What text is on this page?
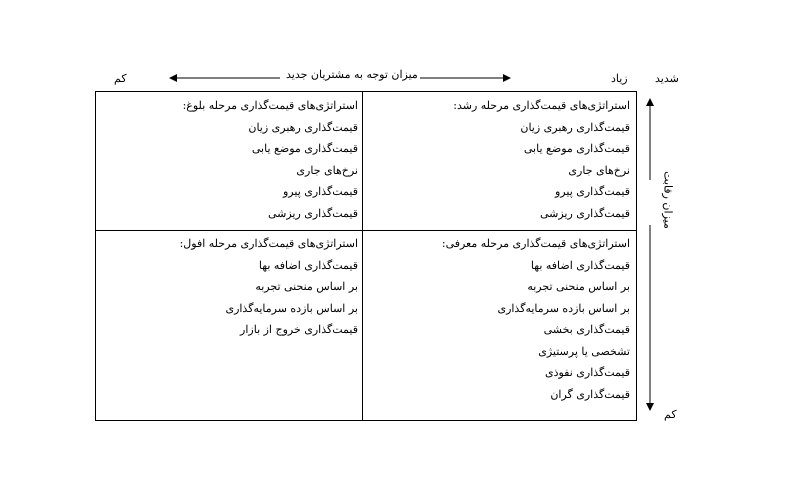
کم	میزان توجه به مشتریان جدید	زیاد شدید
میزان رقابت
کم
استراتژی‌های قیمت‌گذاری مرحله رشد:
قیمت‌گذاری رهبری زیان
قیمت‌گذاری موضع یابی
نرخ‌های جاری
قیمت‌گذاری پیرو
قیمت‌گذاری ریزشی
استراتژی‌های قیمت‌گذاری مرحله بلوغ:
قیمت‌گذاری رهبری زیان
قیمت‌گذاری موضع یابی
نرخ‌های جاری
قیمت‌گذاری پیرو
قیمت‌گذاری ریزشی
استراتژی‌های قیمت‌گذاری مرحله معرفی:
قیمت‌گذاری اضافه بها
بر اساس منحنی تجربه
بر اساس بازده سرمایه‌گذاری
قیمت‌گذاری بخشی
تشخصی یا پرستیژی
قیمت‌گذاری نفوذی
قیمت‌گذاری گران
استراتژی‌های قیمت‌گذاری مرحله افول:
قیمت‌گذاری اضافه بها
بر اساس منحنی تجربه
بر اساس بازده سرمایه‌گذاری
قیمت‌گذاری خروج از بازار
